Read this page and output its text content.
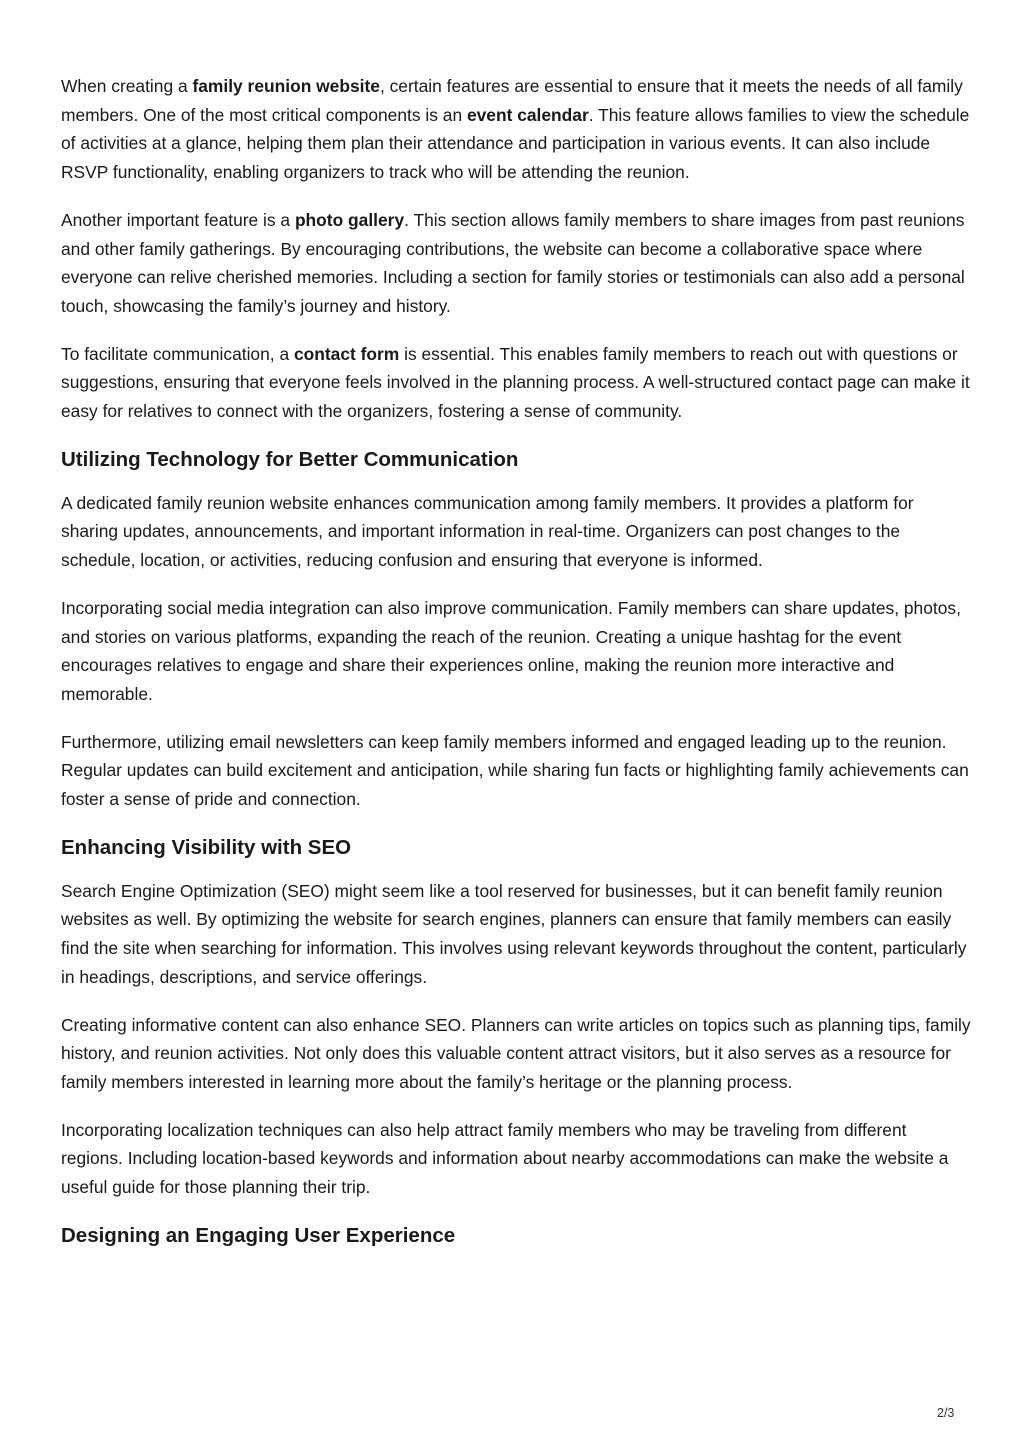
When creating a family reunion website, certain features are essential to ensure that it meets the needs of all family members. One of the most critical components is an event calendar. This feature allows families to view the schedule of activities at a glance, helping them plan their attendance and participation in various events. It can also include RSVP functionality, enabling organizers to track who will be attending the reunion.

Another important feature is a photo gallery. This section allows family members to share images from past reunions and other family gatherings. By encouraging contributions, the website can become a collaborative space where everyone can relive cherished memories. Including a section for family stories or testimonials can also add a personal touch, showcasing the family’s journey and history.

To facilitate communication, a contact form is essential. This enables family members to reach out with questions or suggestions, ensuring that everyone feels involved in the planning process. A well-structured contact page can make it easy for relatives to connect with the organizers, fostering a sense of community.

Utilizing Technology for Better Communication

A dedicated family reunion website enhances communication among family members. It provides a platform for sharing updates, announcements, and important information in real-time. Organizers can post changes to the schedule, location, or activities, reducing confusion and ensuring that everyone is informed.

Incorporating social media integration can also improve communication. Family members can share updates, photos, and stories on various platforms, expanding the reach of the reunion. Creating a unique hashtag for the event encourages relatives to engage and share their experiences online, making the reunion more interactive and memorable.

Furthermore, utilizing email newsletters can keep family members informed and engaged leading up to the reunion. Regular updates can build excitement and anticipation, while sharing fun facts or highlighting family achievements can foster a sense of pride and connection.

Enhancing Visibility with SEO

Search Engine Optimization (SEO) might seem like a tool reserved for businesses, but it can benefit family reunion websites as well. By optimizing the website for search engines, planners can ensure that family members can easily find the site when searching for information. This involves using relevant keywords throughout the content, particularly in headings, descriptions, and service offerings.

Creating informative content can also enhance SEO. Planners can write articles on topics such as planning tips, family history, and reunion activities. Not only does this valuable content attract visitors, but it also serves as a resource for family members interested in learning more about the family’s heritage or the planning process.

Incorporating localization techniques can also help attract family members who may be traveling from different regions. Including location-based keywords and information about nearby accommodations can make the website a useful guide for those planning their trip.

Designing an Engaging User Experience
2/3
